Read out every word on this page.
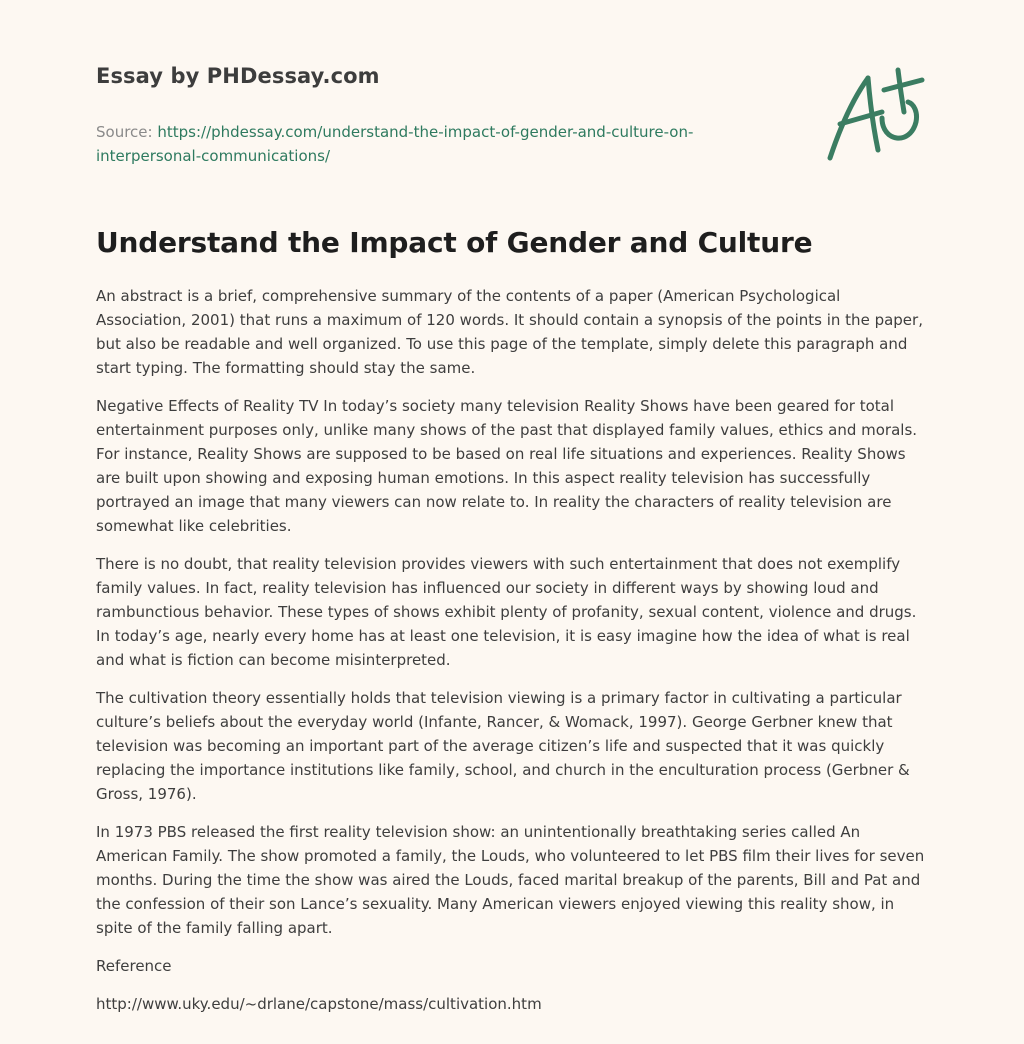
Essay by PHDessay.com
Source: https://phdessay.com/understand-the-impact-of-gender-and-culture-on-interpersonal-communications/
Understand the Impact of Gender and Culture

An abstract is a brief, comprehensive summary of the contents of a paper (American Psychological Association, 2001) that runs a maximum of 120 words. It should contain a synopsis of the points in the paper, but also be readable and well organized. To use this page of the template, simply delete this paragraph and start typing. The formatting should stay the same.

Negative Effects of Reality TV In today’s society many television Reality Shows have been geared for total entertainment purposes only, unlike many shows of the past that displayed family values, ethics and morals. For instance, Reality Shows are supposed to be based on real life situations and experiences. Reality Shows are built upon showing and exposing human emotions. In this aspect reality television has successfully portrayed an image that many viewers can now relate to. In reality the characters of reality television are somewhat like celebrities.

There is no doubt, that reality television provides viewers with such entertainment that does not exemplify family values. In fact, reality television has influenced our society in different ways by showing loud and rambunctious behavior. These types of shows exhibit plenty of profanity, sexual content, violence and drugs. In today’s age, nearly every home has at least one television, it is easy imagine how the idea of what is real and what is fiction can become misinterpreted.

The cultivation theory essentially holds that television viewing is a primary factor in cultivating a particular culture’s beliefs about the everyday world (Infante, Rancer, & Womack, 1997). George Gerbner knew that television was becoming an important part of the average citizen’s life and suspected that it was quickly replacing the importance institutions like family, school, and church in the enculturation process (Gerbner & Gross, 1976).

In 1973 PBS released the first reality television show: an unintentionally breathtaking series called An American Family. The show promoted a family, the Louds, who volunteered to let PBS film their lives for seven months. During the time the show was aired the Louds, faced marital breakup of the parents, Bill and Pat and the confession of their son Lance’s sexuality. Many American viewers enjoyed viewing this reality show, in spite of the family falling apart.

Reference

http://www.uky.edu/~drlane/capstone/mass/cultivation.htm
